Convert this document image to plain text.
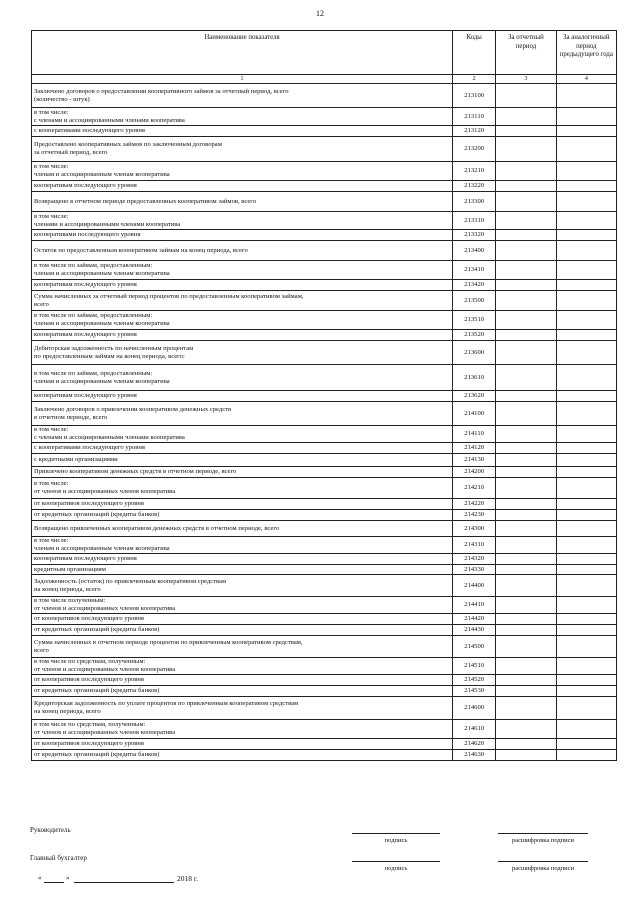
12
Наименование показателя	Коды	За отчетный период	За аналогичный период предыдущего года
1	2	3	4

Заключено договоров о предоставлении кооперативного займов за отчетный период, всего
(количество - штук)	213100		

в том числе:
с членами и ассоциированными членами кооператива	213110		

с кооперативами последующего уровня	213120		

Предоставлено кооперативных займов по заключенным договорам
за отчетный период, всего	213200		

в том числе:
членам и ассоциированным членам кооператива	213210		

кооперативам последующего уровня	213220		

Возвращено в отчетном периоде предоставленных кооперативом займов, всего	213300		

в том числе:
членами и ассоциированными членами кооператива	213310		

кооперативами последующего уровня	213320		

Остаток по предоставленным кооперативом займам на конец периода, всего	213400		

в том числе по займам, предоставленным:
членам и ассоциированным членам кооператива	213410		

кооперативам последующего уровня	213420		

Сумма начисленных за отчетный период процентов по предоставленным кооперативом займам,
всего	213500		

в том числе по займам, предоставленным:
членам и ассоциированным членам кооператива	213510		

кооперативам последующего уровня	213520		

Дебиторская задолженность по начисленным процентам
по предоставленным займам на конец периода, всего:	213600		

в том числе по займам, предоставленным:
членам и ассоциированным членам кооператива	213610		

кооперативам последующего уровня	213620		

Заключено договоров о привлечении кооперативом денежных средств
в отчетном периоде, всего	214100		

в том числе:
с членами и ассоциированными членами кооператива	214110		

с кооперативами последующего уровня	214120		

с кредитными организациями	214130		

Привлечено кооперативом денежных средств в отчетном периоде, всего	214200		

в том числе:
от членов и ассоциированных членов кооператива	214210		

от кооперативов последующего уровня	214220		

от кредитных организаций (кредиты банков)	214230		

Возвращено привлеченных кооперативом денежных средств в отчетном периоде, всего	214300		

в том числе:
членам и ассоциированным членам кооператива	214310		

кооперативам последующего уровня	214320		

кредитным организациям	214330		

Задолженность (остаток) по привлеченным кооперативом средствам
на конец периода, всего	214400		

в том числе полученным:
от членов и ассоциированных членов кооператива	214410		

от кооперативов последующего уровня	214420		

от кредитных организаций (кредиты банков)	214430		

Сумма начисленных в отчетном периоде процентов по привлеченным кооперативом средствам,
всего	214500		

в том числе по средствам, полученным:
от членов и ассоциированных членов кооператива	214510		

от кооперативов последующего уровня	214520		

от кредитных организаций (кредиты банков)	214530		

Кредиторская задолженность по уплате процентов по привлеченным кооперативом средствам
на конец периода, всего	214600		

в том числе по средствам, полученным:
от членов и ассоциированных членов кооператива	214610		

от кооперативов последующего уровня	214620		

от кредитных организаций (кредиты банков)	214630		
Руководитель
подпись	расшифровка подписи
Главный бухгалтер
подпись	расшифровка подписи
«	»	2018 г.
